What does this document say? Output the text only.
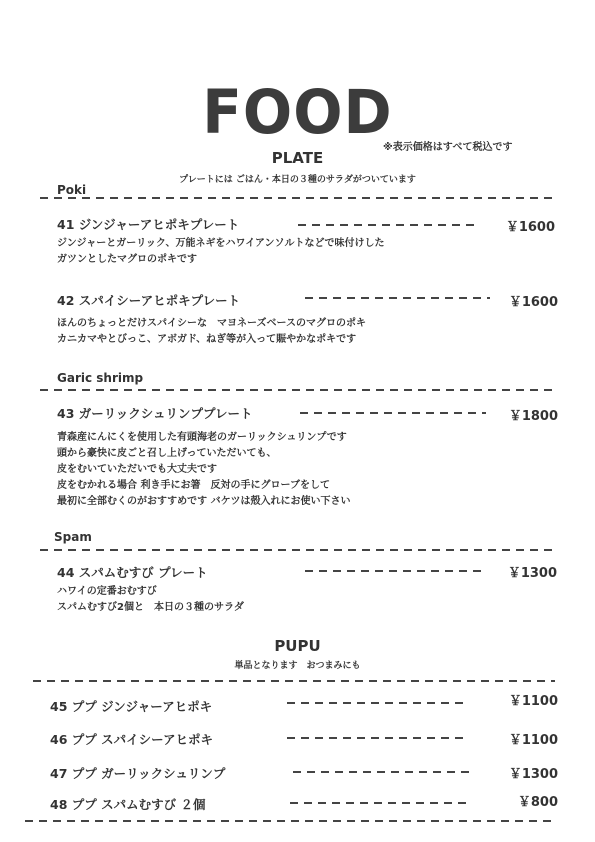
FOOD
※表示価格はすべて税込です
PLATE
プレートには ごはん・本日の３種のサラダがついています
Poki
41 ジンジャーアヒポキプレート	￥1600
ジンジャーとガーリック、万能ネギをハワイアンソルトなどで味付けした
ガツンとしたマグロのポキです
42 スパイシーアヒポキプレート	￥1600
ほんのちょっとだけスパイシーな　マヨネーズベースのマグロのポキ
カニカマやとびっこ、アボガド、ねぎ等が入って賑やかなポキです
Garic shrimp
43 ガーリックシュリンププレート	￥1800
青森産にんにくを使用した有頭海老のガーリックシュリンプです
頭から豪快に皮ごと召し上げっていただいても、
皮をむいていただいでも大丈夫です
皮をむかれる場合 利き手にお箸　反対の手にグローブをして
最初に全部むくのがおすすめです バケツは殻入れにお使い下さい
Spam
44 スパムむすび プレート	￥1300
ハワイの定番おむすび
スパムむすび2個と　本日の３種のサラダ
PUPU
単品となります　おつまみにも
45 ププ ジンジャーアヒポキ	￥1100
46 ププ スパイシーアヒポキ	￥1100
47 ププ ガーリックシュリンプ	￥1300
48 ププ スパムむすび ２個	￥800
